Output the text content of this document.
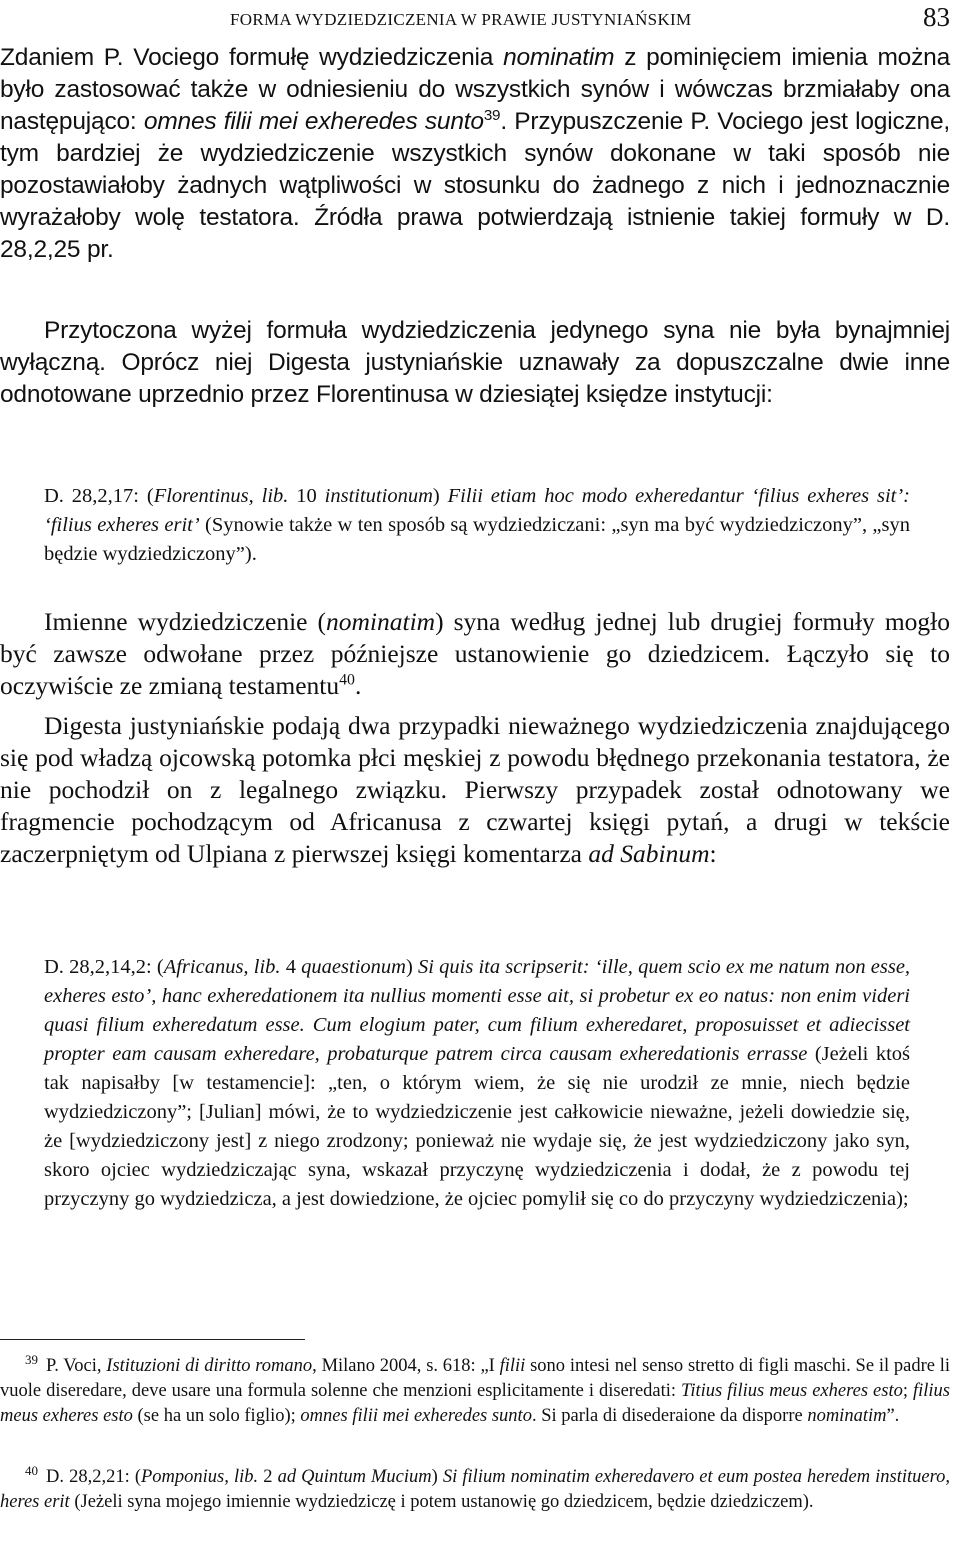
FORMA WYDZIEDZICZENIA W PRAWIE JUSTYNIAŃSKIM	83

Zdaniem P. Vociego formułę wydziedziczenia nominatim z pominięciem imienia można było zastosować także w odniesieniu do wszystkich synów i wówczas brzmiałaby ona następująco: omnes filii mei exheredes sunto$^{39}$. Przypuszczenie P. Vociego jest logiczne, tym bardziej że wydziedziczenie wszystkich synów dokonane w taki sposób nie pozostawiałoby żadnych wątpliwości w stosunku do żadnego z nich i jednoznacznie wyrażałoby wolę testatora. Źródła prawa potwierdzają istnienie takiej formuły w D. 28,2,25 pr.

Przytoczona wyżej formuła wydziedziczenia jedynego syna nie była bynajmniej wyłączną. Oprócz niej Digesta justyniańskie uznawały za dopuszczalne dwie inne odnotowane uprzednio przez Florentinusa w dziesiątej księdze instytucji:

D. 28,2,17: (Florentinus, lib. 10 institutionum) Filii etiam hoc modo exheredantur ‘filius exheres sit’: ‘filius exheres erit’ (Synowie także w ten sposób są wydziedziczani: „syn ma być wydziedziczony”, „syn będzie wydziedziczony”).

Imienne wydziedziczenie (nominatim) syna według jednej lub drugiej formuły mogło być zawsze odwołane przez późniejsze ustanowienie go dziedzicem. Łączyło się to oczywiście ze zmianą testamentu$^{40}$.

Digesta justyniańskie podają dwa przypadki nieważnego wydziedziczenia znajdującego się pod władzą ojcowską potomka płci męskiej z powodu błędnego przekonania testatora, że nie pochodził on z legalnego związku. Pierwszy przypadek został odnotowany we fragmencie pochodzącym od Africanusa z czwartej księgi pytań, a drugi w tekście zaczerpniętym od Ulpiana z pierwszej księgi komentarza ad Sabinum:

D. 28,2,14,2: (Africanus, lib. 4 quaestionum) Si quis ita scripserit: ‘ille, quem scio ex me natum non esse, exheres esto’, hanc exheredationem ita nullius momenti esse ait, si probetur ex eo natus: non enim videri quasi filium exheredatum esse. Cum elogium pater, cum filium exheredaret, proposuisset et adiecisset propter eam causam exheredare, probaturque patrem circa causam exheredationis errasse (Jeżeli ktoś tak napisałby [w testamencie]: „ten, o którym wiem, że się nie urodził ze mnie, niech będzie wydziedziczony”; [Julian] mówi, że to wydziedziczenie jest całkowicie nieważne, jeżeli dowiedzie się, że [wydziedziczony jest] z niego zrodzony; ponieważ nie wydaje się, że jest wydziedziczony jako syn, skoro ojciec wydziedziczając syna, wskazał przyczynę wydziedziczenia i dodał, że z powodu tej przyczyny go wydziedzicza, a jest dowiedzione, że ojciec pomylił się co do przyczyny wydziedziczenia);

39 P. Voci, Istituzioni di diritto romano, Milano 2004, s. 618: „I filii sono intesi nel senso stretto di figli maschi. Se il padre li vuole diseredare, deve usare una formula solenne che menzioni esplicitamente i diseredati: Titius filius meus exheres esto; filius meus exheres esto (se ha un solo figlio); omnes filii mei exheredes sunto. Si parla di disederaione da disporre nominatim”.

40 D. 28,2,21: (Pomponius, lib. 2 ad Quintum Mucium) Si filium nominatim exheredavero et eum postea heredem instituero, heres erit (Jeżeli syna mojego imiennie wydziedziczę i potem ustanowię go dziedzicem, będzie dziedziczem).
